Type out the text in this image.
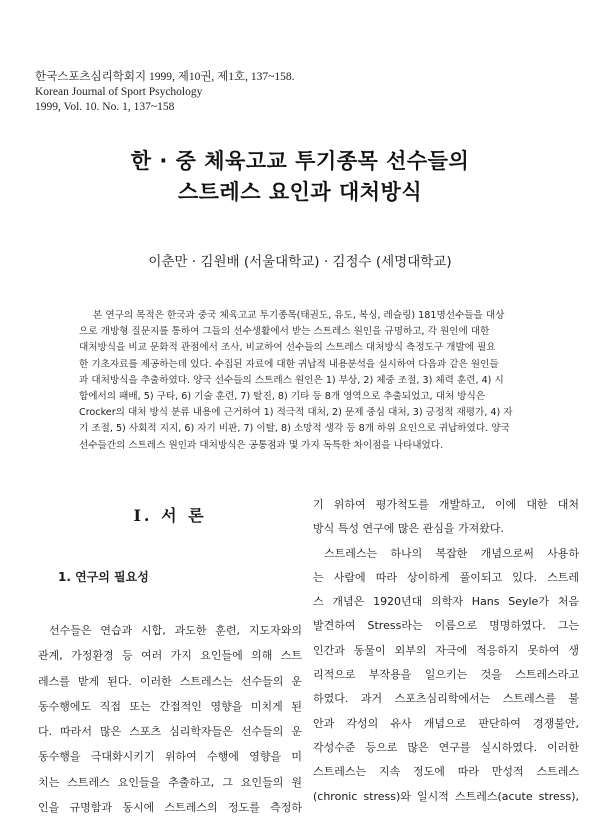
한국스포츠심리학회지 1999, 제10권, 제1호, 137~158.
Korean Journal of Sport Psychology
1999, Vol. 10. No. 1, 137~158
한 · 중 체육고교 투기종목 선수들의
스트레스 요인과 대처방식
이춘만 · 김원배 (서울대학교) · 김정수 (세명대학교)
본 연구의 목적은 한국과 중국 체육고교 투기종목(태권도, 유도, 복싱, 레슬링) 181명선수들을 대상
으로 개방형 질문지를 통하여 그들의 선수생활에서 받는 스트레스 원인을 규명하고, 각 원인에 대한
대처방식을 비교 문화적 관점에서 조사, 비교하여 선수들의 스트레스 대처방식 측정도구 개발에 필요
한 기초자료를 제공하는데 있다. 수집된 자료에 대한 귀납적 내용분석을 실시하여 다음과 같은 원인들
과 대처방식을 추출하였다. 양국 선수들의 스트레스 원인은 1) 부상, 2) 체중 조절, 3) 체력 훈련, 4) 시
합에서의 패배, 5) 구타, 6) 기술 훈련, 7) 탈진, 8) 기타 등 8개 영역으로 추출되었고, 대처 방식은
Crocker의 대처 방식 분류 내용에 근거하여 1) 적극적 대처, 2) 문제 중심 대처, 3) 긍정적 재평가, 4) 자
기 조절, 5) 사회적 지지, 6) 자기 비판, 7) 이탈, 8) 소망적 생각 등 8개 하위 요인으로 귀납하였다. 양국
선수들간의 스트레스 원인과 대처방식은 공통점과 몇 가지 독특한 차이점을 나타내었다.
I. 서 론
1. 연구의 필요성
선수들은 연습과 시합, 과도한 훈련, 지도자와의
관계, 가정환경 등 여러 가지 요인들에 의해 스트
레스를 받게 된다. 이러한 스트레스는 선수들의 운
동수행에도 직접 또는 간접적인 영향을 미치게 된
다. 따라서 많은 스포츠 심리학자들은 선수들의 운
동수행을 극대화시키기 위하여 수행에 영향을 미
치는 스트레스 요인들을 추출하고, 그 요인들의 원
인을 규명함과 동시에 스트레스의 정도를 측정하
기 위하여 평가척도를 개발하고, 이에 대한 대처
방식 특성 연구에 많은 관심을 가져왔다.
스트레스는 하나의 복잡한 개념으로써 사용하
는 사람에 따라 상이하게 풀이되고 있다. 스트레
스 개념은 1920년대 의학자 Hans Seyle가 처음
발견하여 Stress라는 이름으로 명명하였다. 그는
인간과 동물이 외부의 자극에 적응하지 못하여 생
리적으로 부작용을 일으키는 것을 스트레스라고
하였다. 과거 스포츠심리학에서는 스트레스를 불
안과 각성의 유사 개념으로 판단하여 경쟁불안,
각성수준 등으로 많은 연구를 실시하였다. 이러한
스트레스는 지속 정도에 따라 만성적 스트레스
(chronic stress)와 일시적 스트레스(acute stress),
